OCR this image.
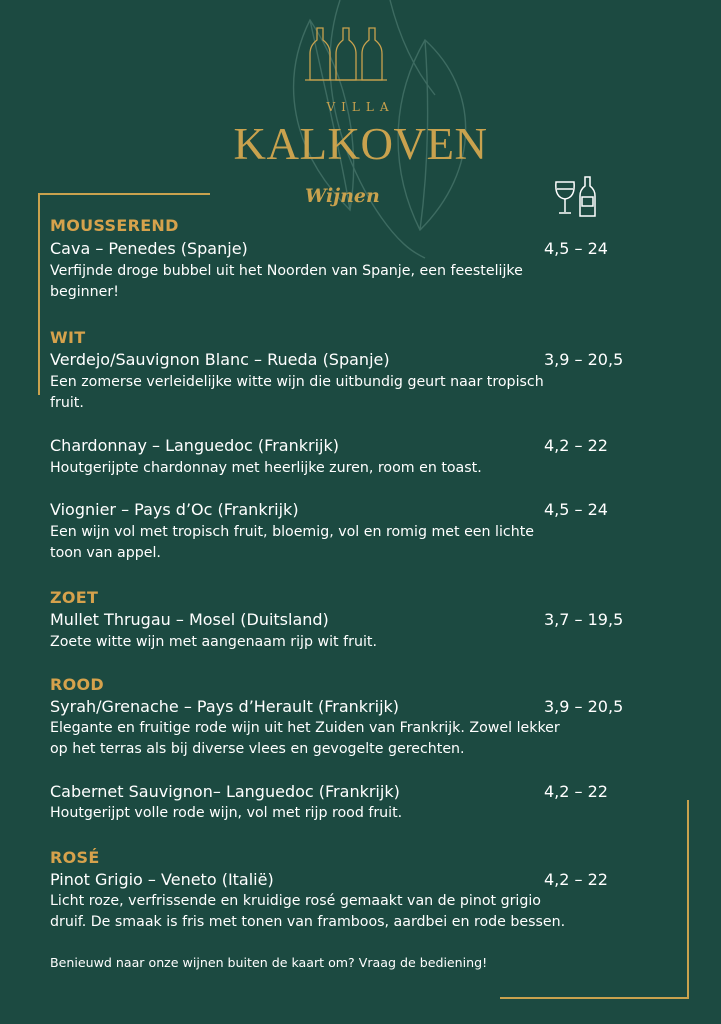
VILLA
KALKOVEN
Wijnen
MOUSSEREND
Cava – Penedes (Spanje)	4,5 – 24
Verfijnde droge bubbel uit het Noorden van Spanje, een feestelijke
beginner!
WIT
Verdejo/Sauvignon Blanc – Rueda (Spanje)	3,9 – 20,5
Een zomerse verleidelijke witte wijn die uitbundig geurt naar tropisch
fruit.
Chardonnay – Languedoc (Frankrijk)	4,2 – 22
Houtgerijpte chardonnay met heerlijke zuren, room en toast.
Viognier – Pays d’Oc (Frankrijk)	4,5 – 24
Een wijn vol met tropisch fruit, bloemig, vol en romig met een lichte
toon van appel.
ZOET
Mullet Thrugau – Mosel (Duitsland)	3,7 – 19,5
Zoete witte wijn met aangenaam rijp wit fruit.
ROOD
Syrah/Grenache – Pays d’Herault (Frankrijk)	3,9 – 20,5
Elegante en fruitige rode wijn uit het Zuiden van Frankrijk. Zowel lekker
op het terras als bij diverse vlees en gevogelte gerechten.
Cabernet Sauvignon– Languedoc (Frankrijk)	4,2 – 22
Houtgerijpt volle rode wijn, vol met rijp rood fruit.
ROSÉ
Pinot Grigio – Veneto (Italië)	4,2 – 22
Licht roze, verfrissende en kruidige rosé gemaakt van de pinot grigio
druif. De smaak is fris met tonen van framboos, aardbei en rode bessen.
Benieuwd naar onze wijnen buiten de kaart om? Vraag de bediening!
